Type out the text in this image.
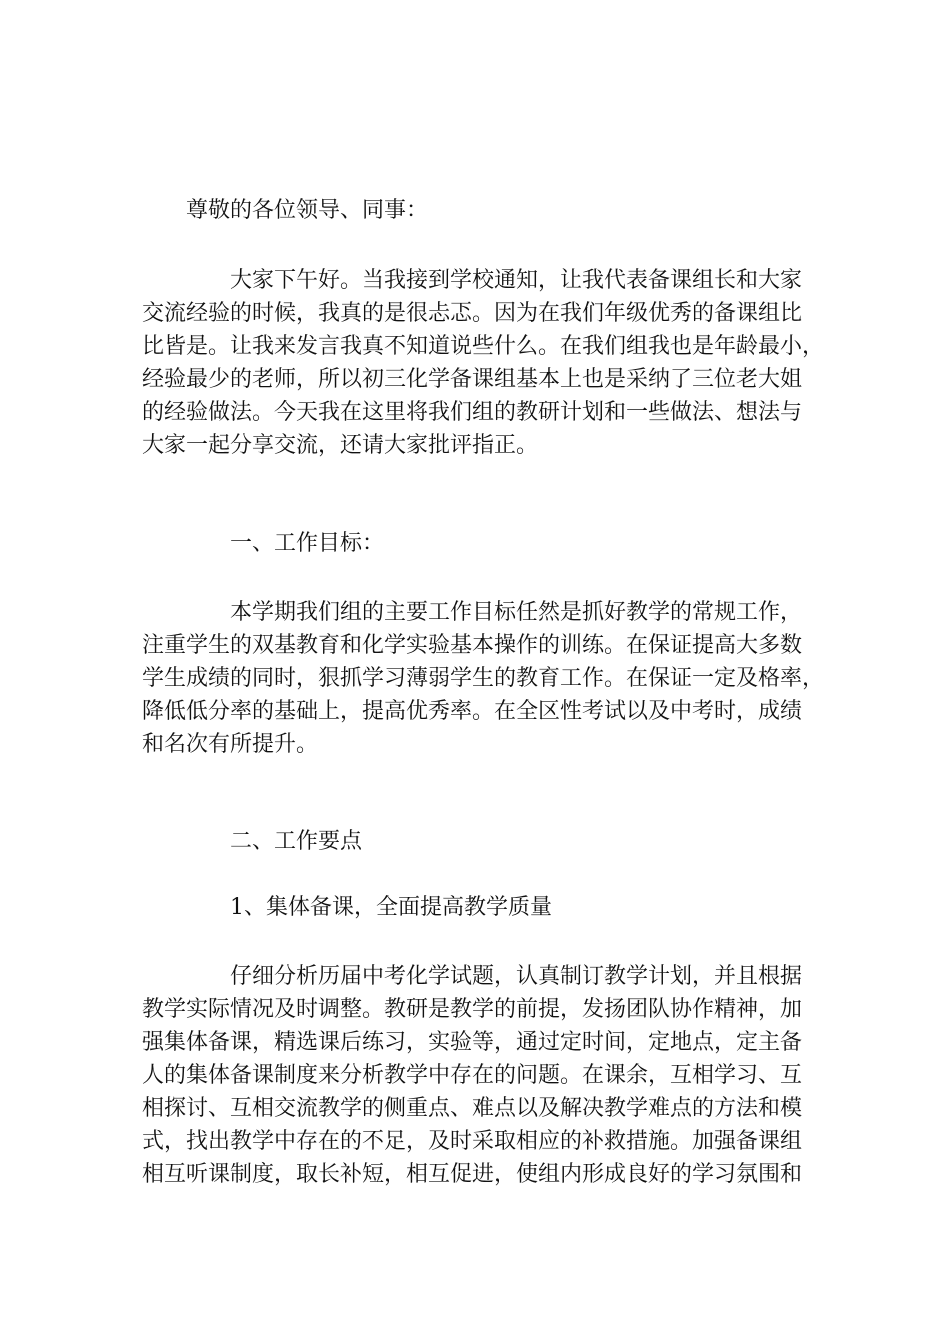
尊敬的各位领导、同事：

大家下午好。当我接到学校通知，让我代表备课组长和大家
交流经验的时候，我真的是很忐忑。因为在我们年级优秀的备课组比
比皆是。让我来发言我真不知道说些什么。在我们组我也是年龄最小，
经验最少的老师，所以初三化学备课组基本上也是采纳了三位老大姐
的经验做法。今天我在这里将我们组的教研计划和一些做法、想法与
大家一起分享交流，还请大家批评指正。

一、工作目标：

本学期我们组的主要工作目标任然是抓好教学的常规工作，
注重学生的双基教育和化学实验基本操作的训练。在保证提高大多数
学生成绩的同时，狠抓学习薄弱学生的教育工作。在保证一定及格率，
降低低分率的基础上，提高优秀率。在全区性考试以及中考时，成绩
和名次有所提升。

二、工作要点

1、集体备课，全面提高教学质量

仔细分析历届中考化学试题，认真制订教学计划，并且根据
教学实际情况及时调整。教研是教学的前提，发扬团队协作精神，加
强集体备课，精选课后练习，实验等，通过定时间，定地点，定主备
人的集体备课制度来分析教学中存在的问题。在课余，互相学习、互
相探讨、互相交流教学的侧重点、难点以及解决教学难点的方法和模
式，找出教学中存在的不足，及时采取相应的补救措施。加强备课组
相互听课制度，取长补短，相互促进，使组内形成良好的学习氛围和
